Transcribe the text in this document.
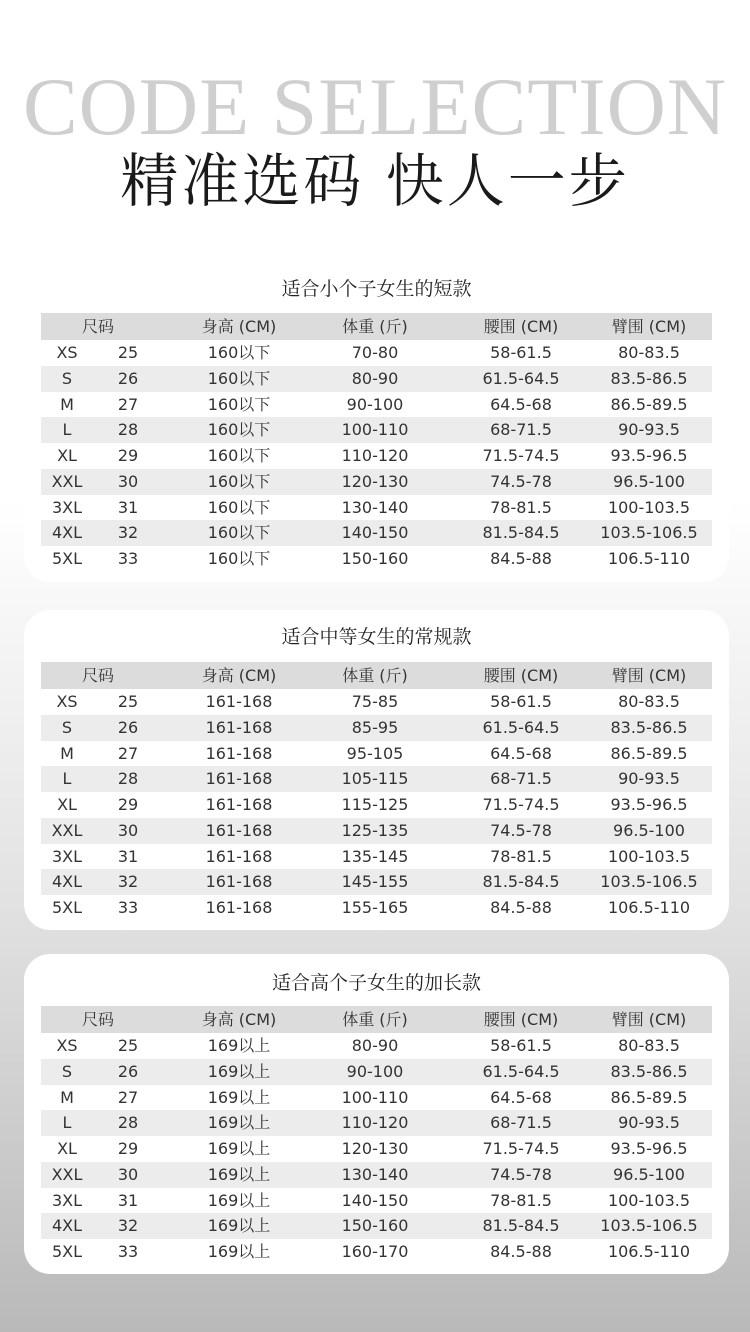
CODE SELECTION
精准选码 快人一步
适合小个子女生的短款
尺码	身高 (CM)	体重 (斤)	腰围 (CM)	臂围 (CM)
XS	25	160以下	70-80	58-61.5	80-83.5
S	26	160以下	80-90	61.5-64.5	83.5-86.5
M	27	160以下	90-100	64.5-68	86.5-89.5
L	28	160以下	100-110	68-71.5	90-93.5
XL	29	160以下	110-120	71.5-74.5	93.5-96.5
XXL	30	160以下	120-130	74.5-78	96.5-100
3XL	31	160以下	130-140	78-81.5	100-103.5
4XL	32	160以下	140-150	81.5-84.5	103.5-106.5
5XL	33	160以下	150-160	84.5-88	106.5-110
适合中等女生的常规款
尺码	身高 (CM)	体重 (斤)	腰围 (CM)	臂围 (CM)
XS	25	161-168	75-85	58-61.5	80-83.5
S	26	161-168	85-95	61.5-64.5	83.5-86.5
M	27	161-168	95-105	64.5-68	86.5-89.5
L	28	161-168	105-115	68-71.5	90-93.5
XL	29	161-168	115-125	71.5-74.5	93.5-96.5
XXL	30	161-168	125-135	74.5-78	96.5-100
3XL	31	161-168	135-145	78-81.5	100-103.5
4XL	32	161-168	145-155	81.5-84.5	103.5-106.5
5XL	33	161-168	155-165	84.5-88	106.5-110
适合高个子女生的加长款
尺码	身高 (CM)	体重 (斤)	腰围 (CM)	臂围 (CM)
XS	25	169以上	80-90	58-61.5	80-83.5
S	26	169以上	90-100	61.5-64.5	83.5-86.5
M	27	169以上	100-110	64.5-68	86.5-89.5
L	28	169以上	110-120	68-71.5	90-93.5
XL	29	169以上	120-130	71.5-74.5	93.5-96.5
XXL	30	169以上	130-140	74.5-78	96.5-100
3XL	31	169以上	140-150	78-81.5	100-103.5
4XL	32	169以上	150-160	81.5-84.5	103.5-106.5
5XL	33	169以上	160-170	84.5-88	106.5-110
